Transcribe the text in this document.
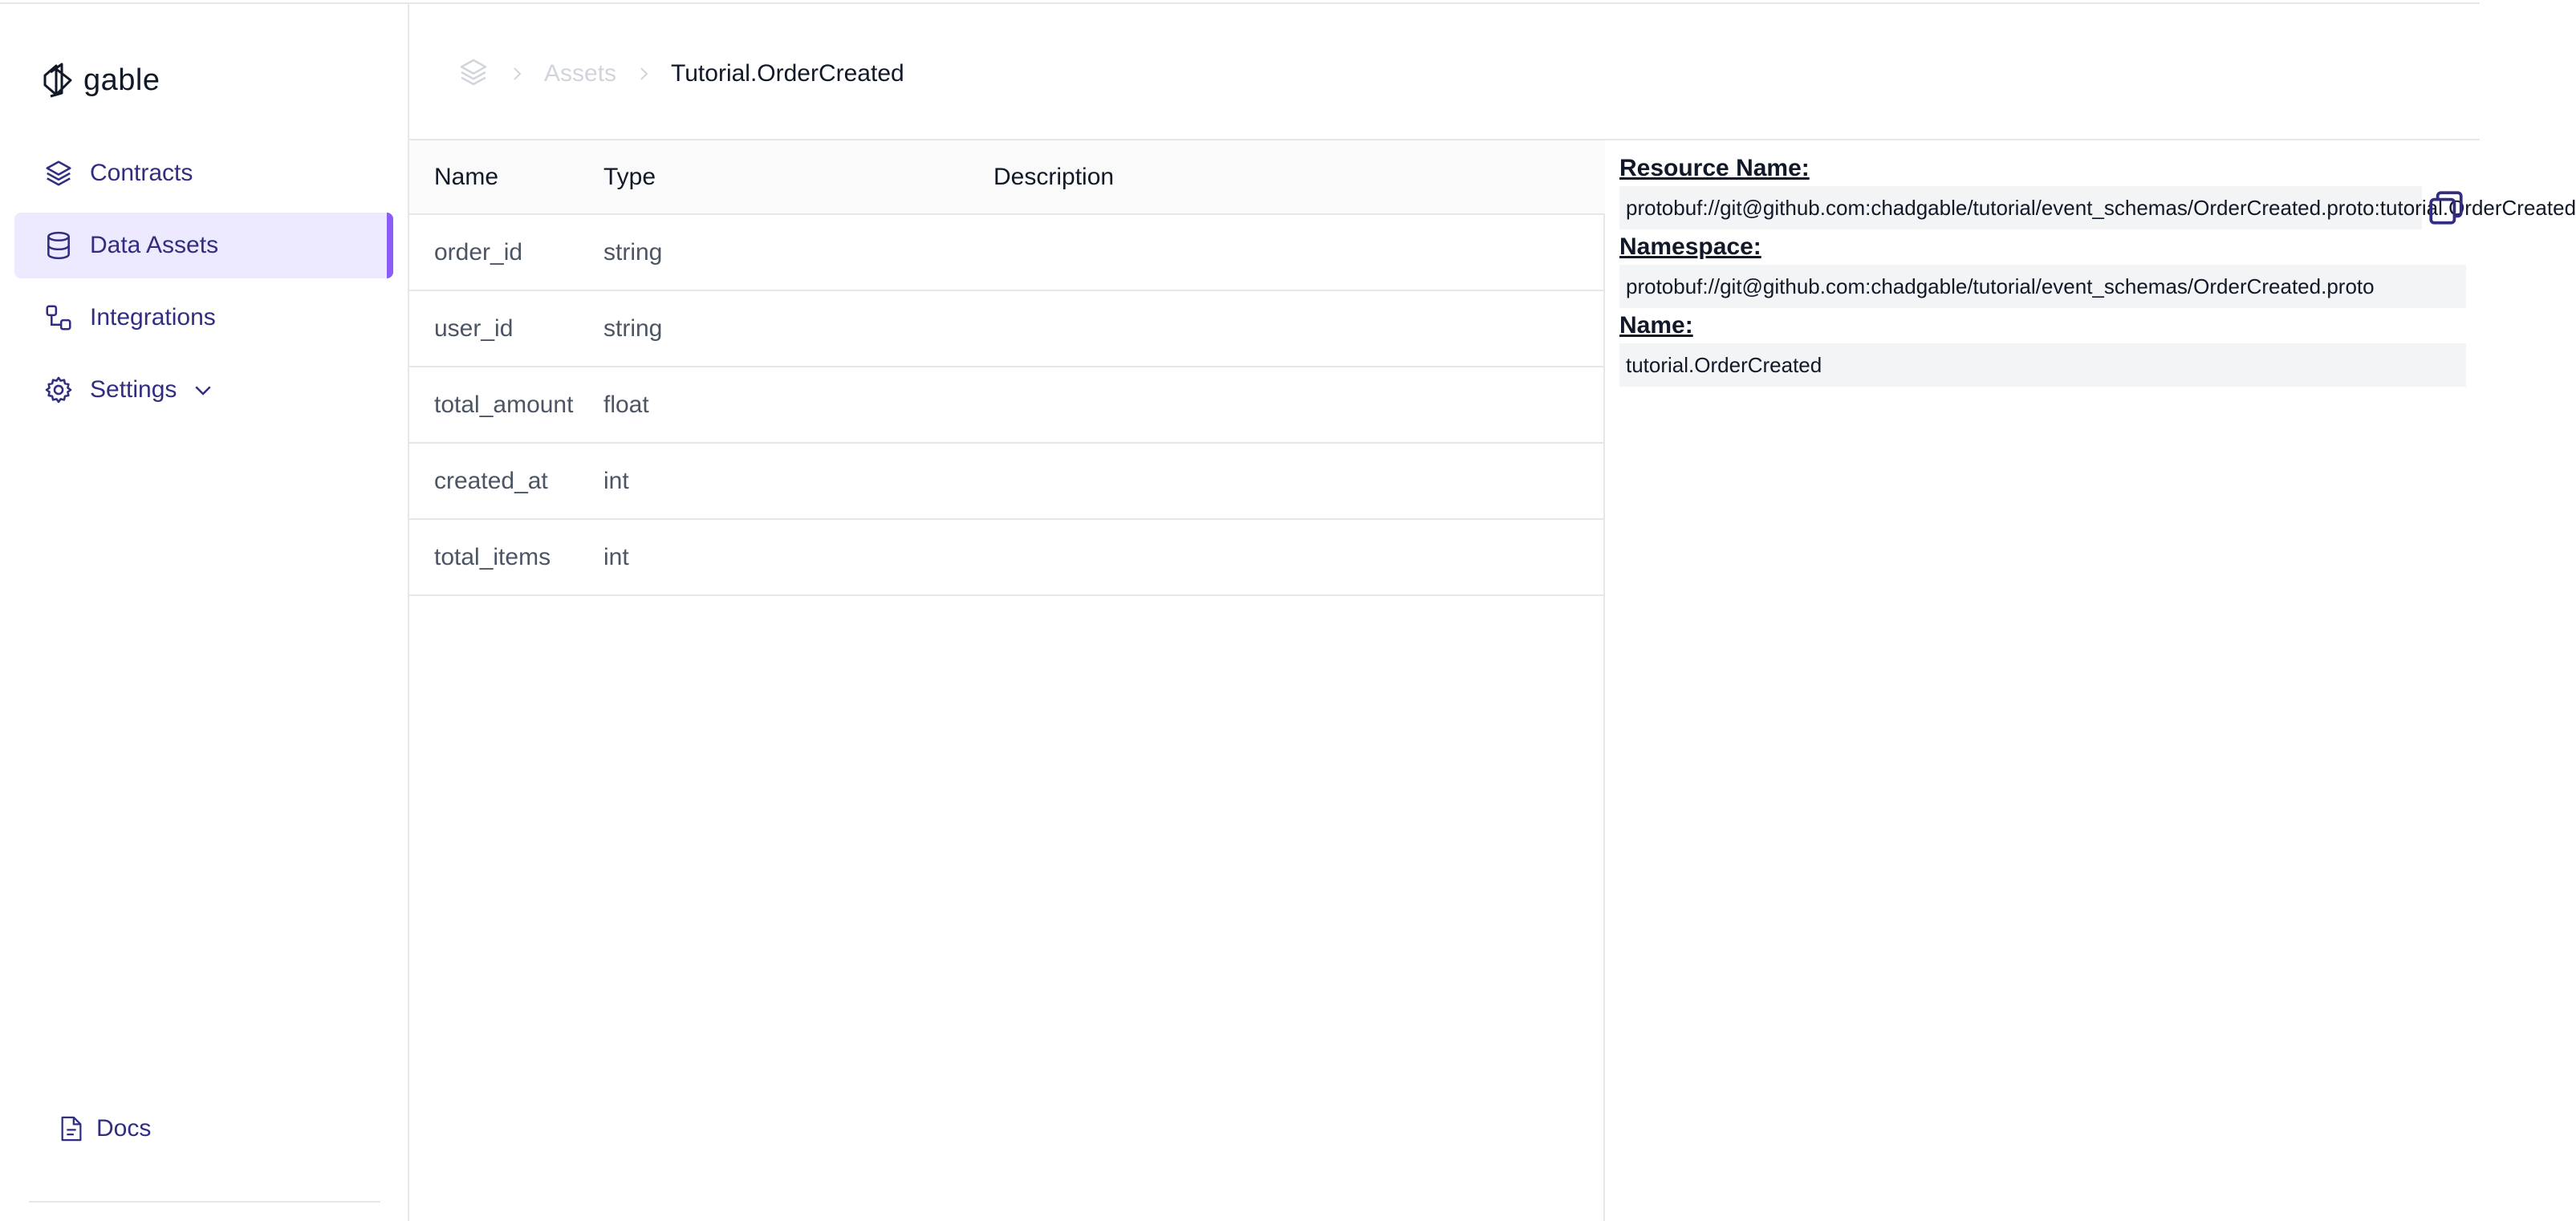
gable
Contracts
Data Assets
Integrations
Settings
Docs
Assets Tutorial.OrderCreated
Name	Type	Description
order_id	string	
user_id	string	
total_amount	float	
created_at	int	
total_items	int	
Resource Name:
protobuf://git@github.com:chadgable/tutorial/event_schemas/OrderCreated.proto:tutorial.OrderCreated
Namespace:
protobuf://git@github.com:chadgable/tutorial/event_schemas/OrderCreated.proto
Name:
tutorial.OrderCreated
